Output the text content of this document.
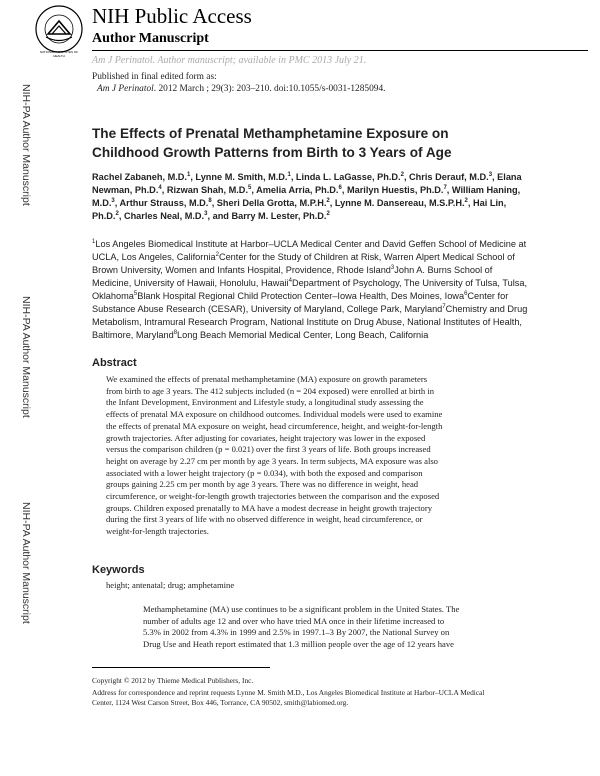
NATIONAL INSTITUTES OF HEALTH
NIH Public Access
Author Manuscript
Am J Perinatol. Author manuscript; available in PMC 2013 July 21.
NIH-PA Author Manuscript
NIH-PA Author Manuscript
NIH-PA Author Manuscript
Published in final edited form as:
Am J Perinatol. 2012 March ; 29(3): 203–210. doi:10.1055/s-0031-1285094.
The Effects of Prenatal Methamphetamine Exposure on
Childhood Growth Patterns from Birth to 3 Years of Age
Rachel Zabaneh, M.D.$^1$, Lynne M. Smith, M.D.$^1$, Linda L. LaGasse, Ph.D.$^2$, Chris Derauf, M.D.$^3$, Elana Newman, Ph.D.$^4$, Rizwan Shah, M.D.$^5$, Amelia Arria, Ph.D.$^6$, Marilyn Huestis, Ph.D.$^7$, William Haning, M.D.$^3$, Arthur Strauss, M.D.$^8$, Sheri Della Grotta, M.P.H.$^2$, Lynne M. Dansereau, M.S.P.H.$^2$, Hai Lin, Ph.D.$^2$, Charles Neal, M.D.$^3$, and Barry M. Lester, Ph.D.$^2$
$^1$Los Angeles Biomedical Institute at Harbor–UCLA Medical Center and David Geffen School of Medicine at UCLA, Los Angeles, California$^2$Center for the Study of Children at Risk, Warren Alpert Medical School of Brown University, Women and Infants Hospital, Providence, Rhode Island$^3$John A. Burns School of Medicine, University of Hawaii, Honolulu, Hawaii$^4$Department of Psychology, The University of Tulsa, Tulsa, Oklahoma$^5$Blank Hospital Regional Child Protection Center–Iowa Health, Des Moines, Iowa$^6$Center for Substance Abuse Research (CESAR), University of Maryland, College Park, Maryland$^7$Chemistry and Drug Metabolism, Intramural Research Program, National Institute on Drug Abuse, National Institutes of Health, Baltimore, Maryland$^8$Long Beach Memorial Medical Center, Long Beach, California
Abstract
We examined the effects of prenatal methamphetamine (MA) exposure on growth parameters
from birth to age 3 years. The 412 subjects included (n = 204 exposed) were enrolled at birth in
the Infant Development, Environment and Lifestyle study, a longitudinal study assessing the
effects of prenatal MA exposure on childhood outcomes. Individual models were used to examine
the effects of prenatal MA exposure on weight, head circumference, height, and weight-for-length
growth trajectories. After adjusting for covariates, height trajectory was lower in the exposed
versus the comparison children (p = 0.021) over the first 3 years of life. Both groups increased
height on average by 2.27 cm per month by age 3 years. In term subjects, MA exposure was also
associated with a lower height trajectory (p = 0.034), with both the exposed and comparison
groups gaining 2.25 cm per month by age 3 years. There was no difference in weight, head
circumference, or weight-for-length growth trajectories between the comparison and the exposed
groups. Children exposed prenatally to MA have a modest decrease in height growth trajectory
during the first 3 years of life with no observed difference in weight, head circumference, or
weight-for-length trajectories.
Keywords
height; antenatal; drug; amphetamine
Methamphetamine (MA) use continues to be a significant problem in the United States. The
number of adults age 12 and over who have tried MA once in their lifetime increased to
5.3% in 2002 from 4.3% in 1999 and 2.5% in 1997.1–3 By 2007, the National Survey on
Drug Use and Heath report estimated that 1.3 million people over the age of 12 years have
Copyright © 2012 by Thieme Medical Publishers, Inc.
Address for correspondence and reprint requests Lynne M. Smith M.D., Los Angeles Biomedical Institute at Harbor–UCLA Medical
Center, 1124 West Carson Street, Box 446, Torrance, CA 90502, smith@labiomed.org.
